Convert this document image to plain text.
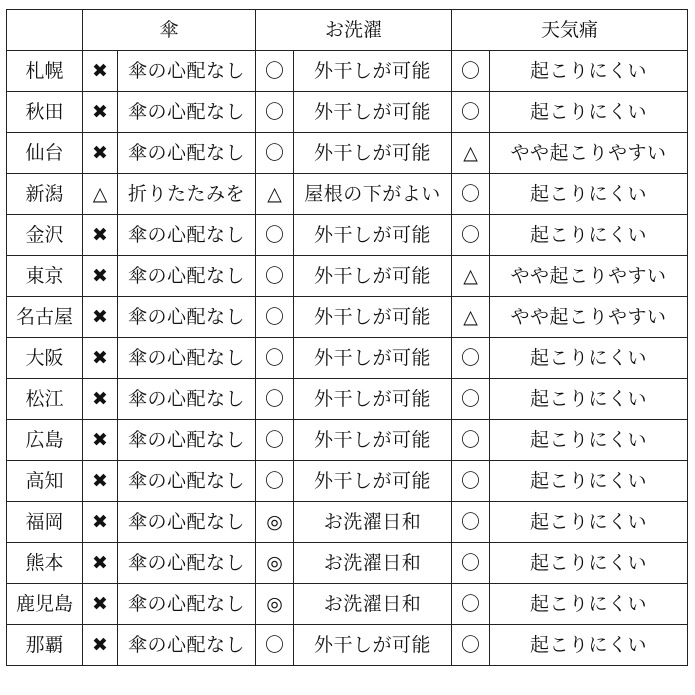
	傘		お洗濯		天気痛	
札幌	✖	傘の心配なし	〇	外干しが可能	〇	起こりにくい
秋田	✖	傘の心配なし	〇	外干しが可能	〇	起こりにくい
仙台	✖	傘の心配なし	〇	外干しが可能	△	やや起こりやすい
新潟	△	折りたたみを	△	屋根の下がよい	〇	起こりにくい
金沢	✖	傘の心配なし	〇	外干しが可能	〇	起こりにくい
東京	✖	傘の心配なし	〇	外干しが可能	△	やや起こりやすい
名古屋	✖	傘の心配なし	〇	外干しが可能	△	やや起こりやすい
大阪	✖	傘の心配なし	〇	外干しが可能	〇	起こりにくい
松江	✖	傘の心配なし	〇	外干しが可能	〇	起こりにくい
広島	✖	傘の心配なし	〇	外干しが可能	〇	起こりにくい
高知	✖	傘の心配なし	〇	外干しが可能	〇	起こりにくい
福岡	✖	傘の心配なし	◎	お洗濯日和	〇	起こりにくい
熊本	✖	傘の心配なし	◎	お洗濯日和	〇	起こりにくい
鹿児島	✖	傘の心配なし	◎	お洗濯日和	〇	起こりにくい
那覇	✖	傘の心配なし	〇	外干しが可能	〇	起こりにくい
